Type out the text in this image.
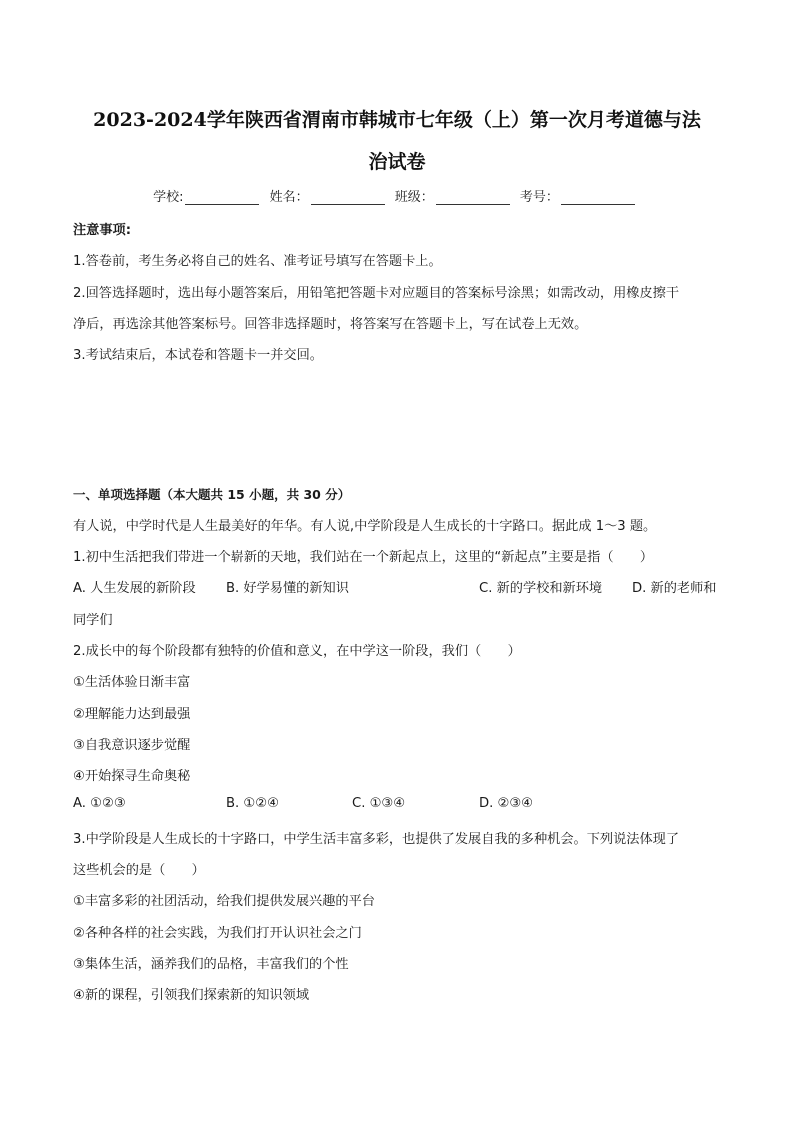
2023-2024学年陕西省渭南市韩城市七年级（上）第一次月考道德与法
治试卷
学校:	姓名：	班级：	考号：
注意事项:
1.答卷前，考生务必将自己的姓名、准考证号填写在答题卡上。
2.回答选择题时，选出每小题答案后，用铅笔把答题卡对应题目的答案标号涂黑；如需改动，用橡皮擦干
净后，再选涂其他答案标号。回答非选择题时，将答案写在答题卡上，写在试卷上无效。
3.考试结束后，本试卷和答题卡一并交回。
一、单项选择题（本大题共 15 小题，共 30 分）
有人说，中学时代是人生最美好的年华。有人说,中学阶段是人生成长的十字路口。据此成 1～3 题。
1.初中生活把我们带进一个崭新的天地，我们站在一个新起点上，这里的“新起点”主要是指（　　）
A. 人生发展的新阶段 B. 好学易懂的新知识	C. 新的学校和新环境 D. 新的老师和
同学们
2.成长中的每个阶段都有独特的价值和意义，在中学这一阶段，我们（　　）
①生活体验日渐丰富
②理解能力达到最强
③自我意识逐步觉醒
④开始探寻生命奥秘
A. ①②③	B. ①②④	C. ①③④	D. ②③④
3.中学阶段是人生成长的十字路口，中学生活丰富多彩，也提供了发展自我的多种机会。下列说法体现了
这些机会的是（　　）
①丰富多彩的社团活动，给我们提供发展兴趣的平台
②各种各样的社会实践，为我们打开认识社会之门
③集体生活，涵养我们的品格，丰富我们的个性
④新的课程，引领我们探索新的知识领域
